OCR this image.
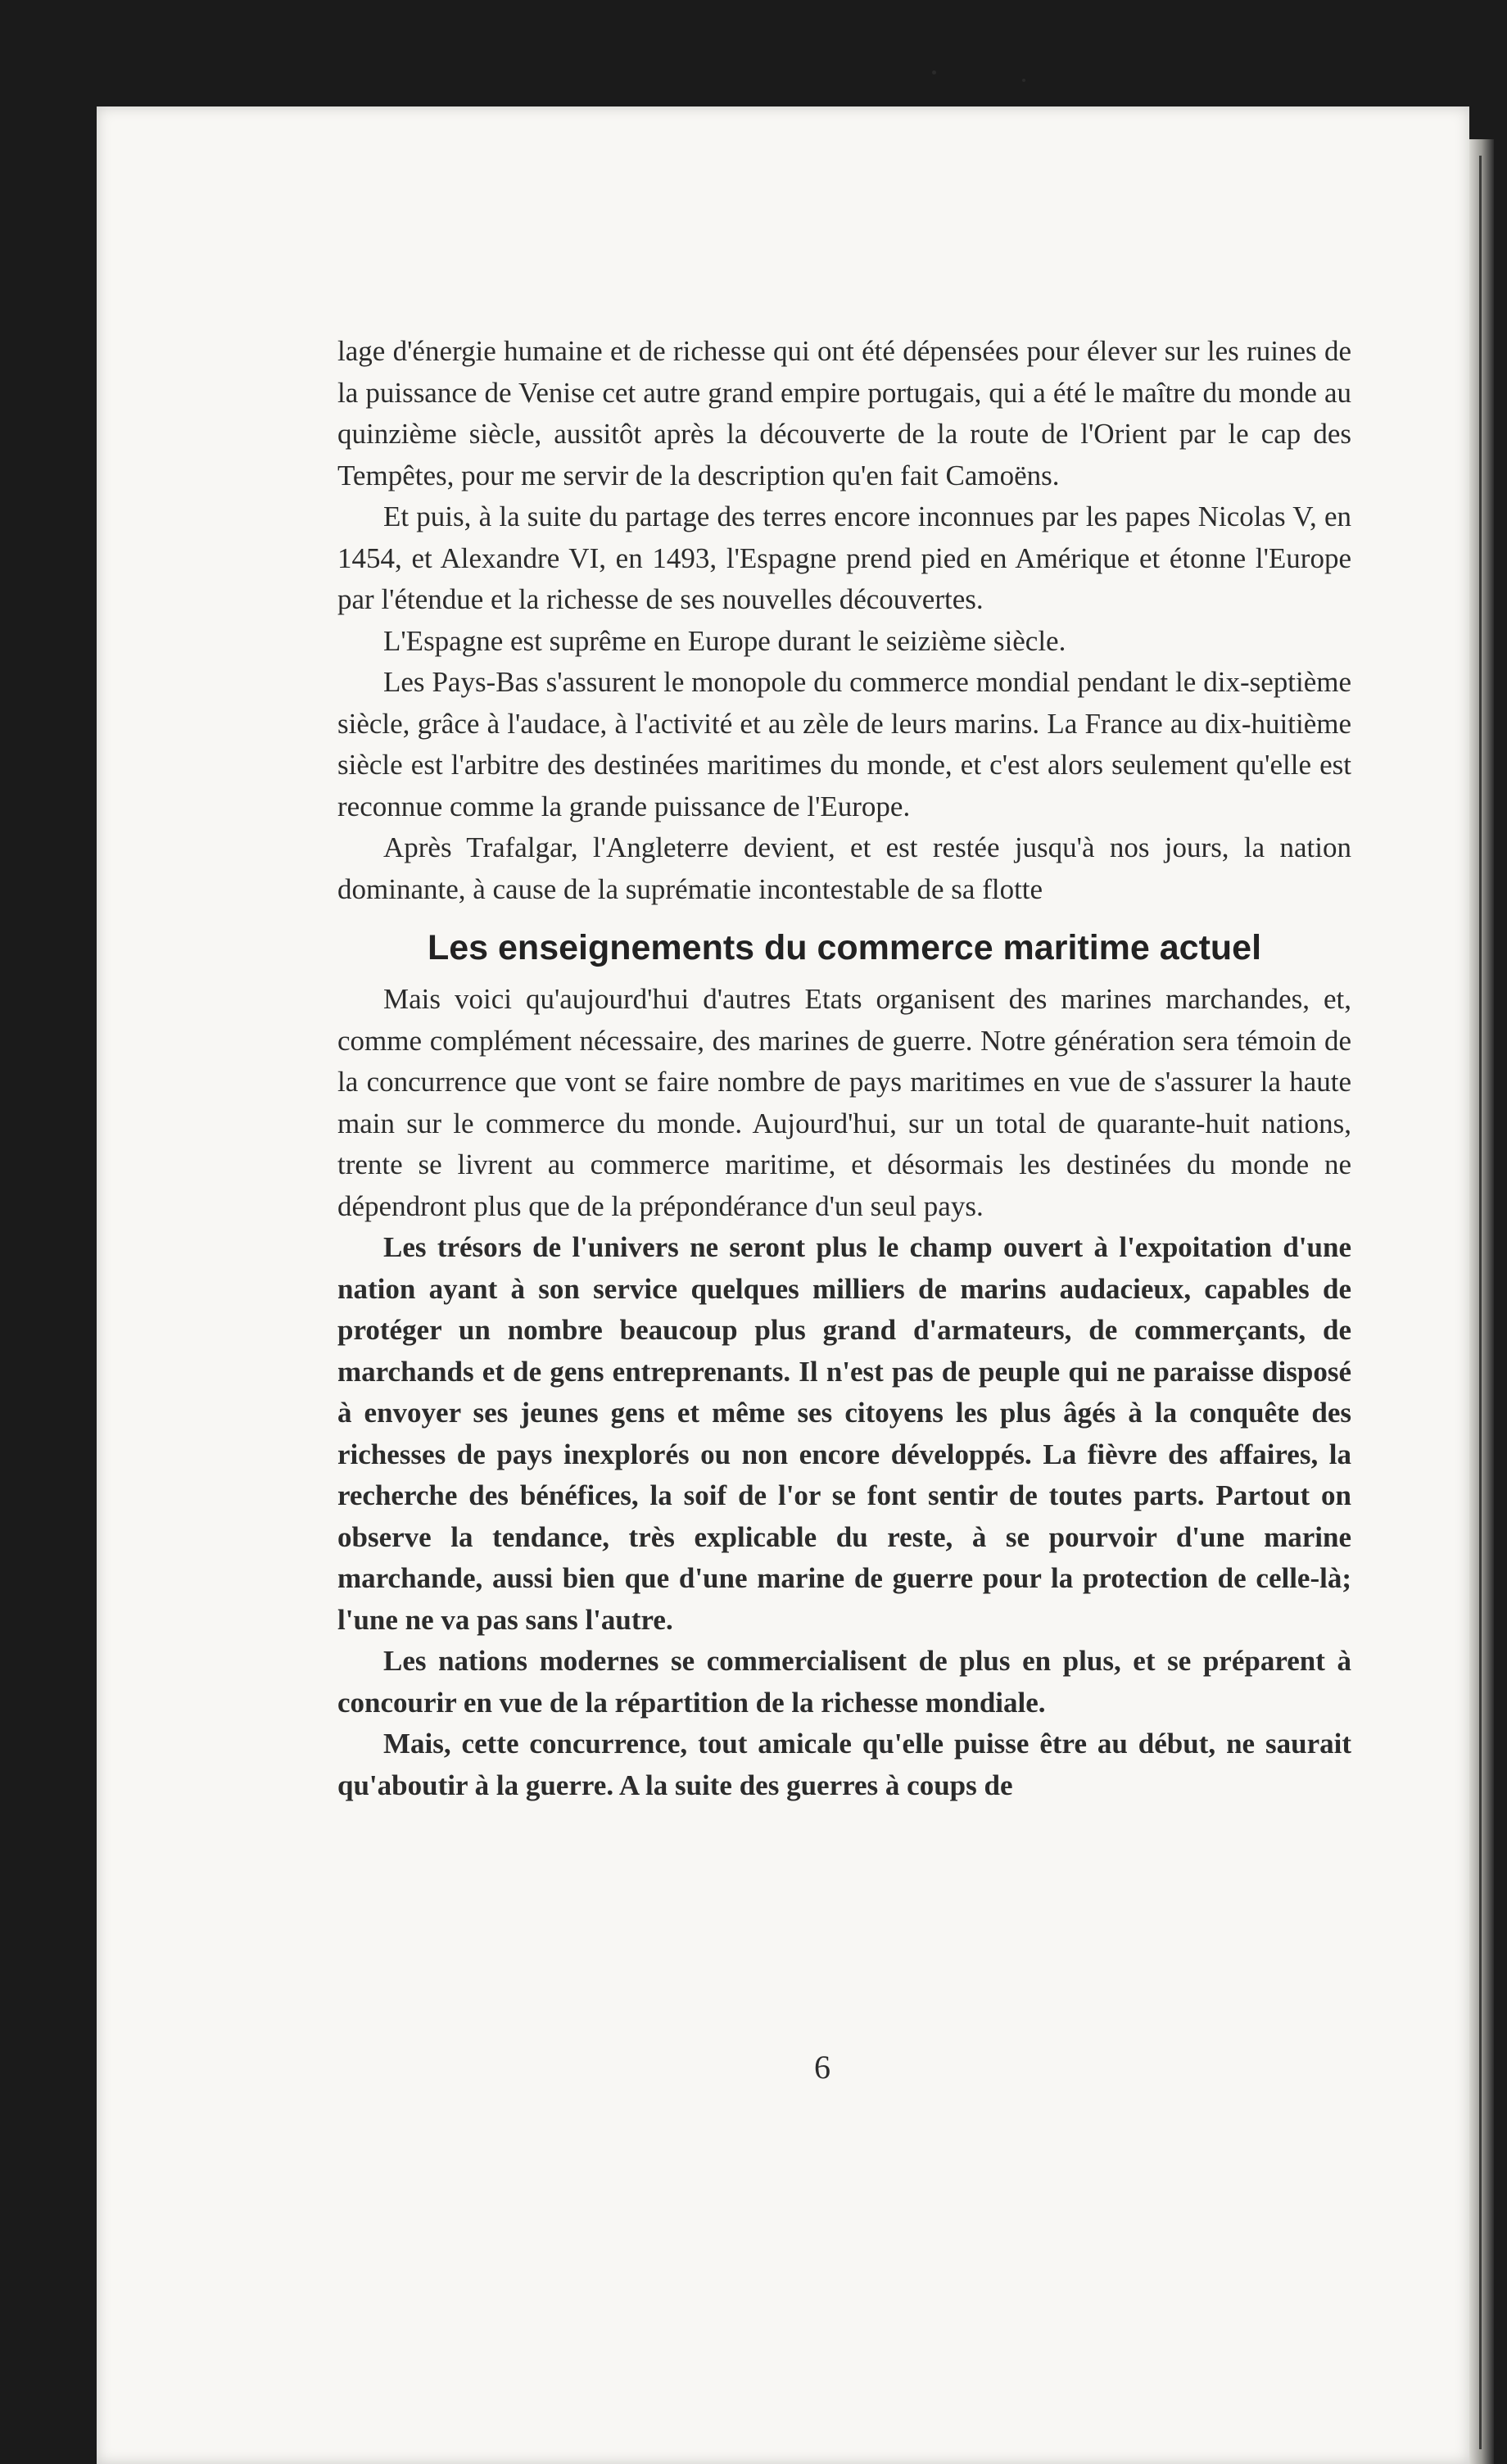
lage d'énergie humaine et de richesse qui ont été dépensées pour élever sur les ruines de la puissance de Venise cet autre grand empire portugais, qui a été le maître du monde au quinzième siècle, aussitôt après la découverte de la route de l'Orient par le cap des Tempêtes, pour me servir de la description qu'en fait Camoëns.

Et puis, à la suite du partage des terres encore inconnues par les papes Nicolas V, en 1454, et Alexandre VI, en 1493, l'Espagne prend pied en Amérique et étonne l'Europe par l'étendue et la richesse de ses nouvelles découvertes.

L'Espagne est suprême en Europe durant le seizième siècle.

Les Pays-Bas s'assurent le monopole du commerce mondial pendant le dix-septième siècle, grâce à l'audace, à l'activité et au zèle de leurs marins. La France au dix-huitième siècle est l'arbitre des destinées maritimes du monde, et c'est alors seulement qu'elle est reconnue comme la grande puissance de l'Europe.

Après Trafalgar, l'Angleterre devient, et est restée jusqu'à nos jours, la nation dominante, à cause de la suprématie incontestable de sa flotte

Les enseignements du commerce maritime actuel

Mais voici qu'aujourd'hui d'autres Etats organisent des marines marchandes, et, comme complément nécessaire, des marines de guerre. Notre génération sera témoin de la concurrence que vont se faire nombre de pays maritimes en vue de s'assurer la haute main sur le commerce du monde. Aujourd'hui, sur un total de quarante-huit nations, trente se livrent au commerce maritime, et désormais les destinées du monde ne dépendront plus que de la prépondérance d'un seul pays.

Les trésors de l'univers ne seront plus le champ ouvert à l'expoitation d'une nation ayant à son service quelques milliers de marins audacieux, capables de protéger un nombre beaucoup plus grand d'armateurs, de commerçants, de marchands et de gens entreprenants. Il n'est pas de peuple qui ne paraisse disposé à envoyer ses jeunes gens et même ses citoyens les plus âgés à la conquête des richesses de pays inexplorés ou non encore développés. La fièvre des affaires, la recherche des bénéfices, la soif de l'or se font sentir de toutes parts. Partout on observe la tendance, très explicable du reste, à se pourvoir d'une marine marchande, aussi bien que d'une marine de guerre pour la protection de celle-là; l'une ne va pas sans l'autre.

Les nations modernes se commercialisent de plus en plus, et se préparent à concourir en vue de la répartition de la richesse mondiale.

Mais, cette concurrence, tout amicale qu'elle puisse être au début, ne saurait qu'aboutir à la guerre. A la suite des guerres à coups de

6
